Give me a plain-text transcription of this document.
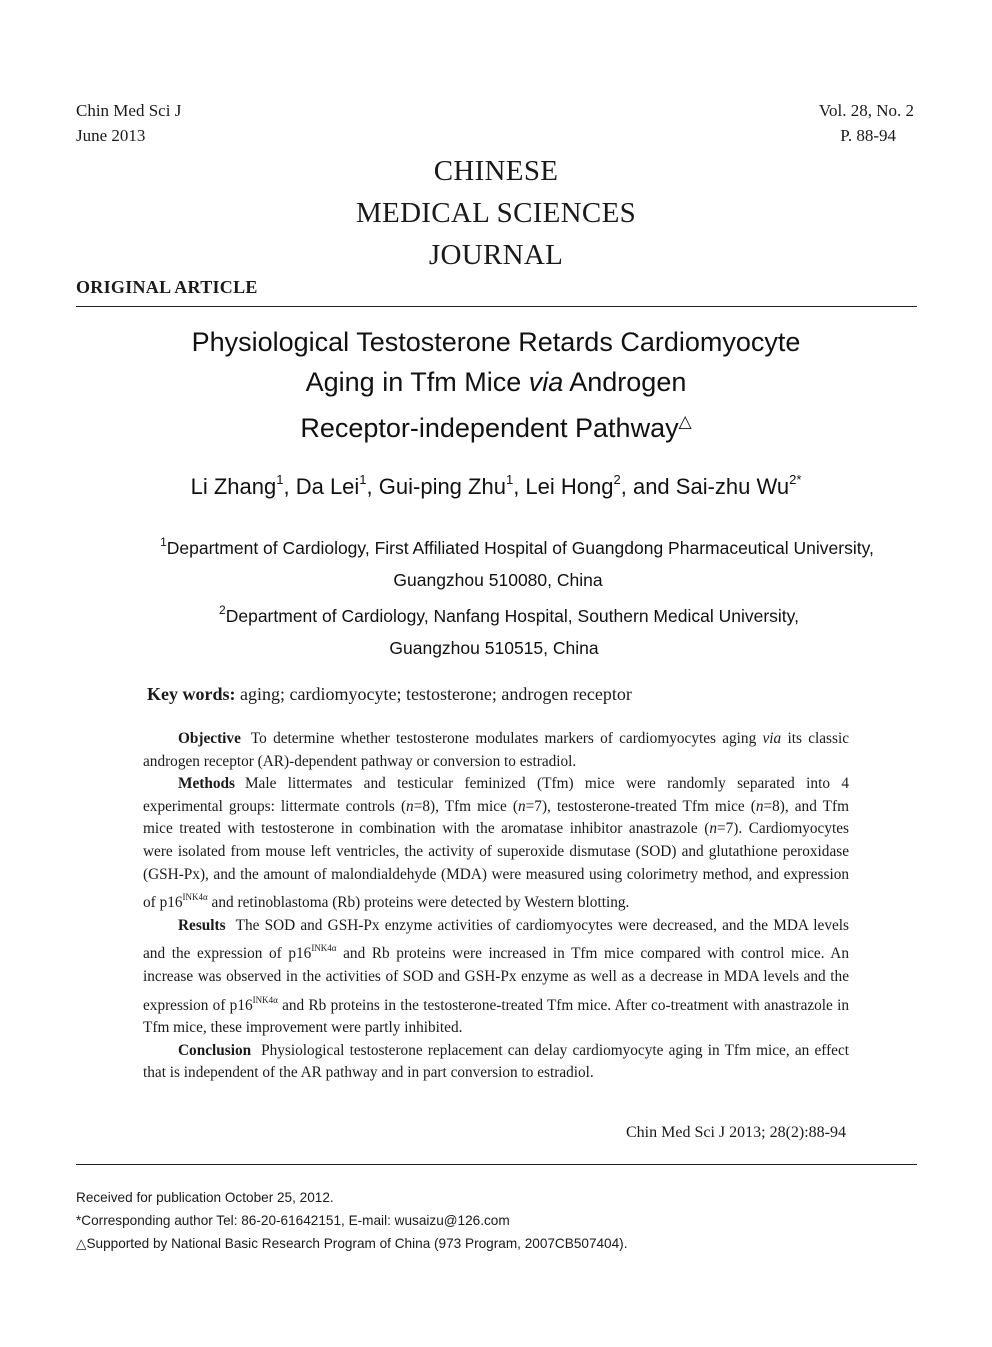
Chin Med Sci J
June 2013
Vol. 28, No. 2
P. 88-94
CHINESE
MEDICAL SCIENCES
JOURNAL
ORIGINAL ARTICLE
Physiological Testosterone Retards Cardiomyocyte
Aging in Tfm Mice via Androgen
Receptor-independent Pathway△
Li Zhang$^1$, Da Lei$^1$, Gui-ping Zhu$^1$, Lei Hong$^2$, and Sai-zhu $Wu^{2*}$
$^1$Department of Cardiology, First Affiliated Hospital of Guangdong Pharmaceutical University,
Guangzhou 510080, China
$^2$Department of Cardiology, Nanfang Hospital, Southern Medical University,
Guangzhou 510515, China
Key words: aging; cardiomyocyte; testosterone; androgen receptor

Objective To determine whether testosterone modulates markers of cardiomyocytes aging via its classic androgen receptor (AR)-dependent pathway or conversion to estradiol.

Methods Male littermates and testicular feminized (Tfm) mice were randomly separated into 4 experimental groups: littermate controls (n=8), Tfm mice (n=7), testosterone-treated Tfm mice (n=8), and Tfm mice treated with testosterone in combination with the aromatase inhibitor anastrazole (n=7). Cardiomyocytes were isolated from mouse left ventricles, the activity of superoxide dismutase (SOD) and glutathione peroxidase (GSH-Px), and the amount of malondialdehyde (MDA) were measured using colorimetry method, and expression of $p16^{INK4\alpha}$ and retinoblastoma (Rb) proteins were detected by Western blotting.

Results The SOD and GSH-Px enzyme activities of cardiomyocytes were decreased, and the MDA levels and the expression of $p16^{INK4\alpha}$ and Rb proteins were increased in Tfm mice compared with control mice. An increase was observed in the activities of SOD and GSH-Px enzyme as well as a decrease in MDA levels and the expression of $p16^{INK4\alpha}$ and Rb proteins in the testosterone-treated Tfm mice. After co-treatment with anastrazole in Tfm mice, these improvement were partly inhibited.

Conclusion Physiological testosterone replacement can delay cardiomyocyte aging in Tfm mice, an effect that is independent of the AR pathway and in part conversion to estradiol.

Chin Med Sci J 2013; 28(2):88-94
Received for publication October 25, 2012.
*Corresponding author Tel: 86-20-61642151, E-mail: wusaizu@126.com
△Supported by National Basic Research Program of China (973 Program, 2007CB507404).
